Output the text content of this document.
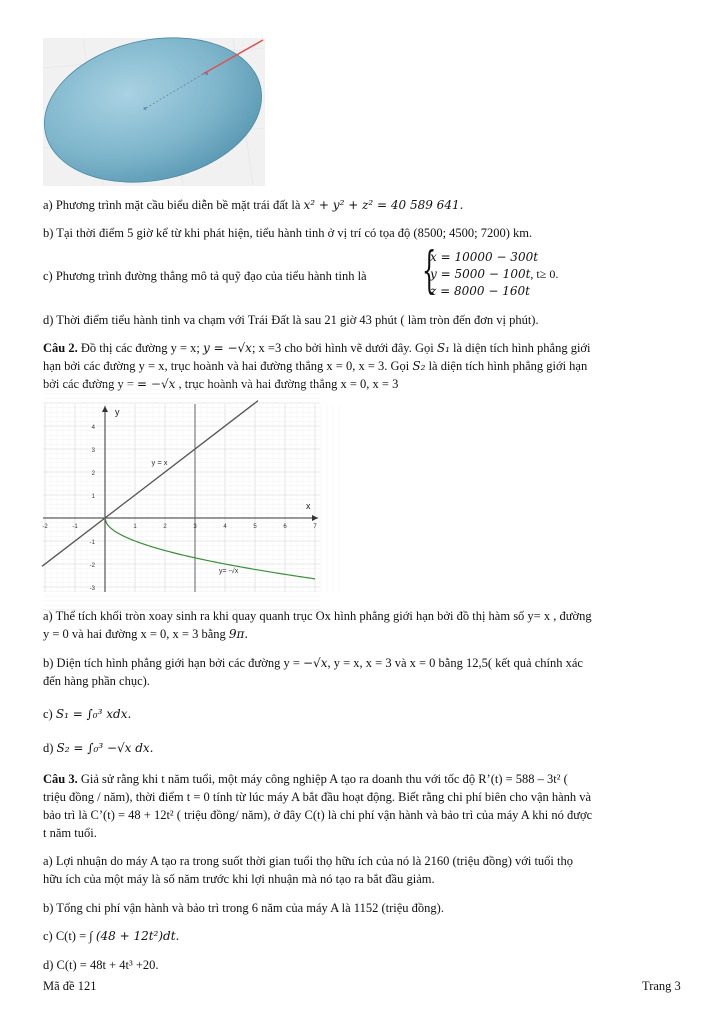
×
×
a) Phương trình mặt cầu biểu diễn bề mặt trái đất là x² + y² + z² = 40 589 641.
b) Tại thời điểm 5 giờ kể từ khi phát hiện, tiểu hành tinh ở vị trí có tọa độ (8500; 4500; 7200) km.
c) Phương trình đường thẳng mô tả quỹ đạo của tiểu hành tinh là	{
x = 10000 − 300t
y = 5000 − 100t, t≥ 0.
z = 8000 − 160t
d) Thời điểm tiểu hành tinh va chạm với Trái Đất là sau 21 giờ 43 phút ( làm tròn đến đơn vị phút).
Câu 2. Đồ thị các đường y = x; y = −√x; x =3 cho bởi hình vẽ dưới đây. Gọi S₁ là diện tích hình phẳng giới
hạn bởi các đường y = x, trục hoành và hai đường thẳng x = 0, x = 3. Gọi S₂ là diện tích hình phẳng giới hạn
bởi các đường y = = −√x , trục hoành và hai đường thẳng x = 0, x = 3
4
3
2
1
-1
-2
-3
-2	-1	1	2	3	4	5	6	7
y
x
y = x
y= -√x
a) Thể tích khối tròn xoay sinh ra khi quay quanh trục Ox hình phẳng giới hạn bởi đồ thị hàm số y= x , đường
y = 0 và hai đường x = 0, x = 3 bằng 9π.
b) Diện tích hình phẳng giới hạn bởi các đường y = −√x, y = x, x = 3 và x = 0 bằng 12,5( kết quả chính xác
đến hàng phần chục).
c) S₁ = ∫₀³ xdx.
d) S₂ = ∫₀³ −√x dx.
Câu 3. Giả sử rằng khi t năm tuổi, một máy công nghiệp A tạo ra doanh thu với tốc độ R’(t) = 588 – 3t² (
triệu đồng / năm), thời điểm t = 0 tính từ lúc máy A bắt đầu hoạt động. Biết rằng chi phí biên cho vận hành và
bảo trì là C’(t) = 48 + 12t² ( triệu đồng/ năm), ở đây C(t) là chi phí vận hành và bảo trì của máy A khi nó được
t năm tuổi.
a) Lợi nhuận do máy A tạo ra trong suốt thời gian tuổi thọ hữu ích của nó là 2160 (triệu đồng) với tuổi thọ
hữu ích của một máy là số năm trước khi lợi nhuận mà nó tạo ra bắt đầu giảm.
b) Tổng chi phí vận hành và bảo trì trong 6 năm của máy A là 1152 (triệu đồng).
c) C(t) = ∫ (48 + 12t²)dt.
d) C(t) = 48t + 4t³ +20.
Mã đề 121	Trang 3
